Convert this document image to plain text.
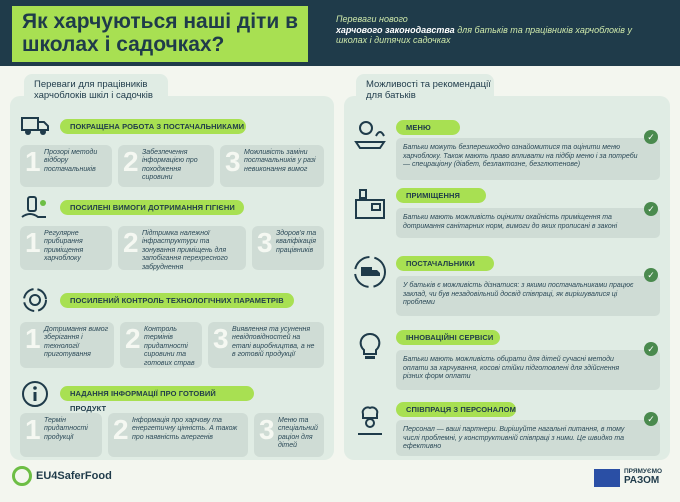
Як харчуються наші діти в школах і садочках?
Переваги нового
харчового законодавства для батьків та працівників харчоблоків у школах і дитячих садочках
Переваги для працівників харчоблоків шкіл і садочків
ПОКРАЩЕНА РОБОТА З ПОСТАЧАЛЬНИКАМИ
1 Прозорі методи відбору постачальників 2 Забезпечення інформацією про походження сировини
3 Можливість заміни постачальників у разі невиконання вимог
ПОСИЛЕНІ ВИМОГИ ДОТРИМАННЯ ГІГІЄНИ
1 Регулярне прибирання приміщення харчоблоку
2 Підтримка належної інфраструктури та зонування приміщень для запобігання перехресного забруднення
3 Здоров'я та кваліфікація працівників
ПОСИЛЕНИЙ КОНТРОЛЬ ТЕХНОЛОГІЧНИХ ПАРАМЕТРІВ
1 Дотримання вимог зберігання і технології приготування
2 Контроль термінів придатності сировини та готових страв
3 Виявлення та усунення невідповідностей на етапі виробництва, а не в готовій продукції
НАДАННЯ ІНФОРМАЦІЇ ПРО ГОТОВИЙ ПРОДУКТ
1 Термін придатності продукції	2 Інформація про харчову та енергетичну цінність. А також про наявність алергенів	3 Меню та спеціальний раціон для дітей
Можливості та рекомендації для батьків
МЕНЮ
Батьки можуть безперешкодно ознайомитися та оцінити меню харчоблоку. Також мають право впливати на підбір меню і за потреби — спецраціону (діабет, безлактозне, безглютенове)
✓
ПРИМІЩЕННЯ
Батьки мають можливість оцінити охайність приміщення та дотримання санітарних норм, вимоги до яких прописані в законі
✓
ПОСТАЧАЛЬНИКИ
У батьків є можливість дізнатися: з якими постачальниками працює заклад, чи був незадовільний досвід співпраці, як вирішувалися ці проблеми
✓
ІННОВАЦІЙНІ СЕРВІСИ
Батьки мають можливість обирати для дітей сучасні методи оплати за харчування, косові стійки підготовлені для здійснення різних форм оплати
✓
СПІВПРАЦЯ З ПЕРСОНАЛОМ
Персонал — ваші партнери. Вирішуйте нагальні питання, в тому числі проблемні, у конструктивній співпраці з ними. Це швидко та ефективно
✓
EU4SaferFood	ПРЯМУЄМО
РАЗОМ
